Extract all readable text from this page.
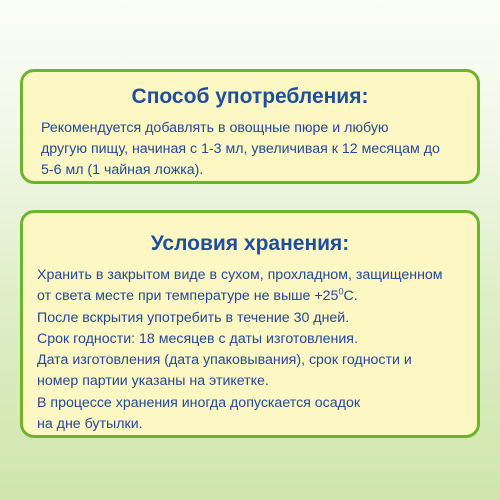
Способ употребления:

Рекомендуется добавлять в овощные пюре и любую
другую пищу, начиная с 1-3 мл, увеличивая к 12 месяцам до
5-6 мл (1 чайная ложка).

Условия хранения:

Хранить в закрытом виде в сухом, прохладном, защищенном
от света месте при температуре не выше $+25^0С$.
После вскрытия употребить в течение 30 дней.
Срок годности: 18 месяцев с даты изготовления.
Дата изготовления (дата упаковывания), срок годности и
номер партии указаны на этикетке.
В процессе хранения иногда допускается осадок
на дне бутылки.
